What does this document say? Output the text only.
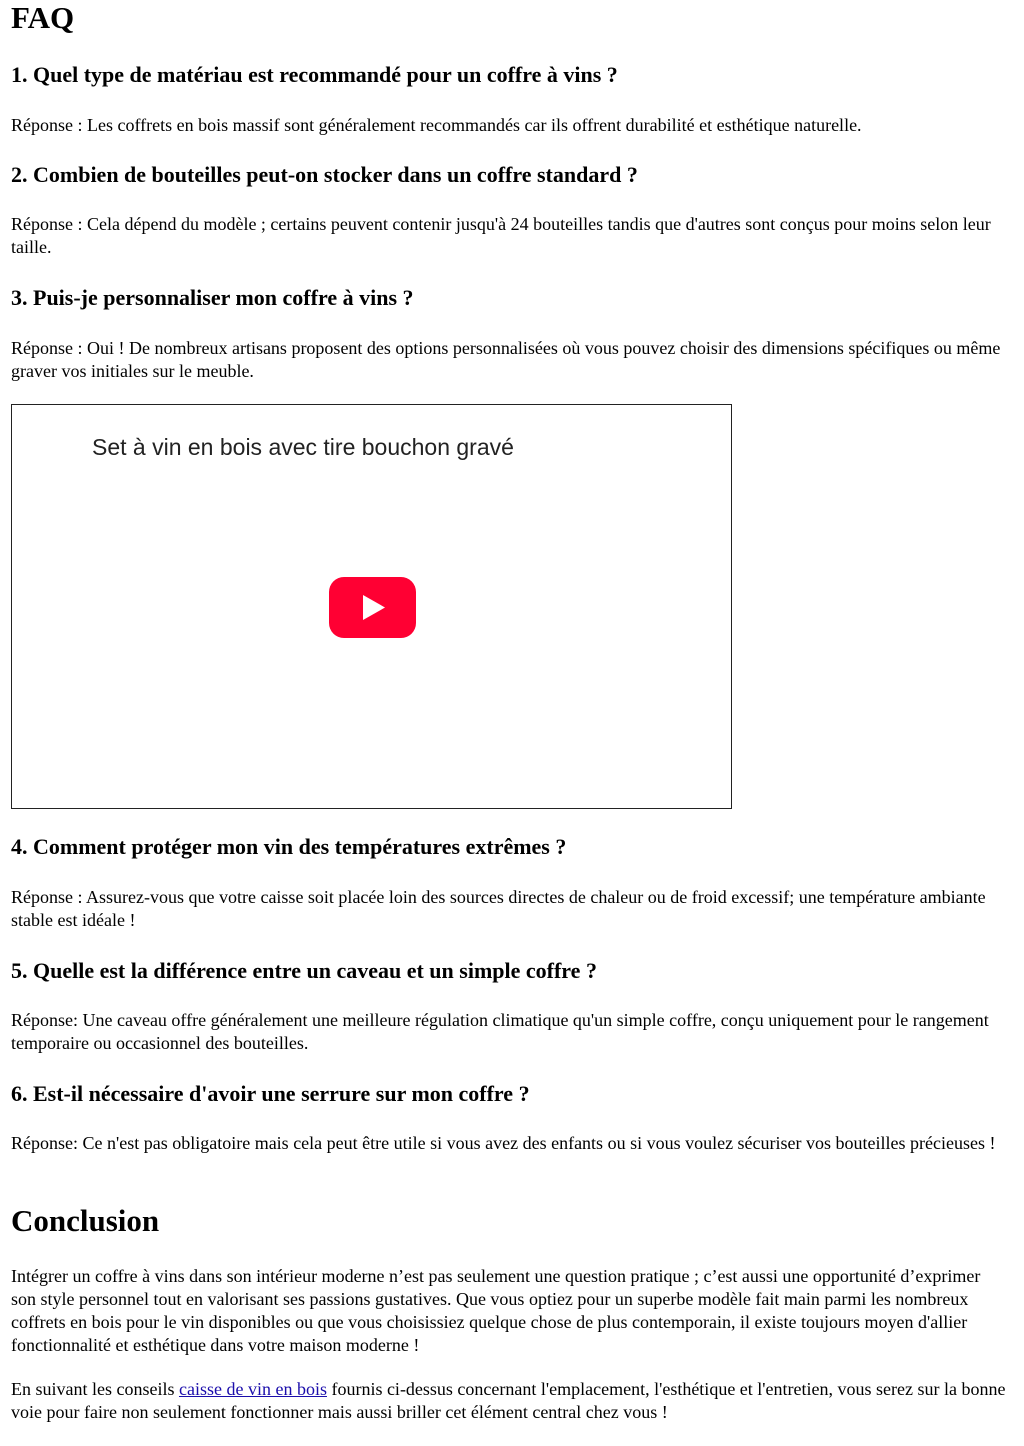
FAQ
1. Quel type de matériau est recommandé pour un coffre à vins ?

Réponse : Les coffrets en bois massif sont généralement recommandés car ils offrent durabilité et esthétique naturelle.

2. Combien de bouteilles peut-on stocker dans un coffre standard ?

Réponse : Cela dépend du modèle ; certains peuvent contenir jusqu'à 24 bouteilles tandis que d'autres sont conçus pour moins selon leur taille.

3. Puis-je personnaliser mon coffre à vins ?

Réponse : Oui ! De nombreux artisans proposent des options personnalisées où vous pouvez choisir des dimensions spécifiques ou même graver vos initiales sur le meuble.

Set à vin en bois avec tire bouchon gravé
4. Comment protéger mon vin des températures extrêmes ?

Réponse : Assurez-vous que votre caisse soit placée loin des sources directes de chaleur ou de froid excessif; une température ambiante stable est idéale !

5. Quelle est la différence entre un caveau et un simple coffre ?

Réponse: Une caveau offre généralement une meilleure régulation climatique qu'un simple coffre, conçu uniquement pour le rangement temporaire ou occasionnel des bouteilles.

6. Est-il nécessaire d'avoir une serrure sur mon coffre ?

Réponse: Ce n'est pas obligatoire mais cela peut être utile si vous avez des enfants ou si vous voulez sécuriser vos bouteilles précieuses !

Conclusion

Intégrer un coffre à vins dans son intérieur moderne n’est pas seulement une question pratique ; c’est aussi une opportunité d’exprimer son style personnel tout en valorisant ses passions gustatives. Que vous optiez pour un superbe modèle fait main parmi les nombreux coffrets en bois pour le vin disponibles ou que vous choisissiez quelque chose de plus contemporain, il existe toujours moyen d'allier fonctionnalité et esthétique dans votre maison moderne !

En suivant les conseils caisse de vin en bois fournis ci-dessus concernant l'emplacement, l'esthétique et l'entretien, vous serez sur la bonne voie pour faire non seulement fonctionner mais aussi briller cet élément central chez vous !
